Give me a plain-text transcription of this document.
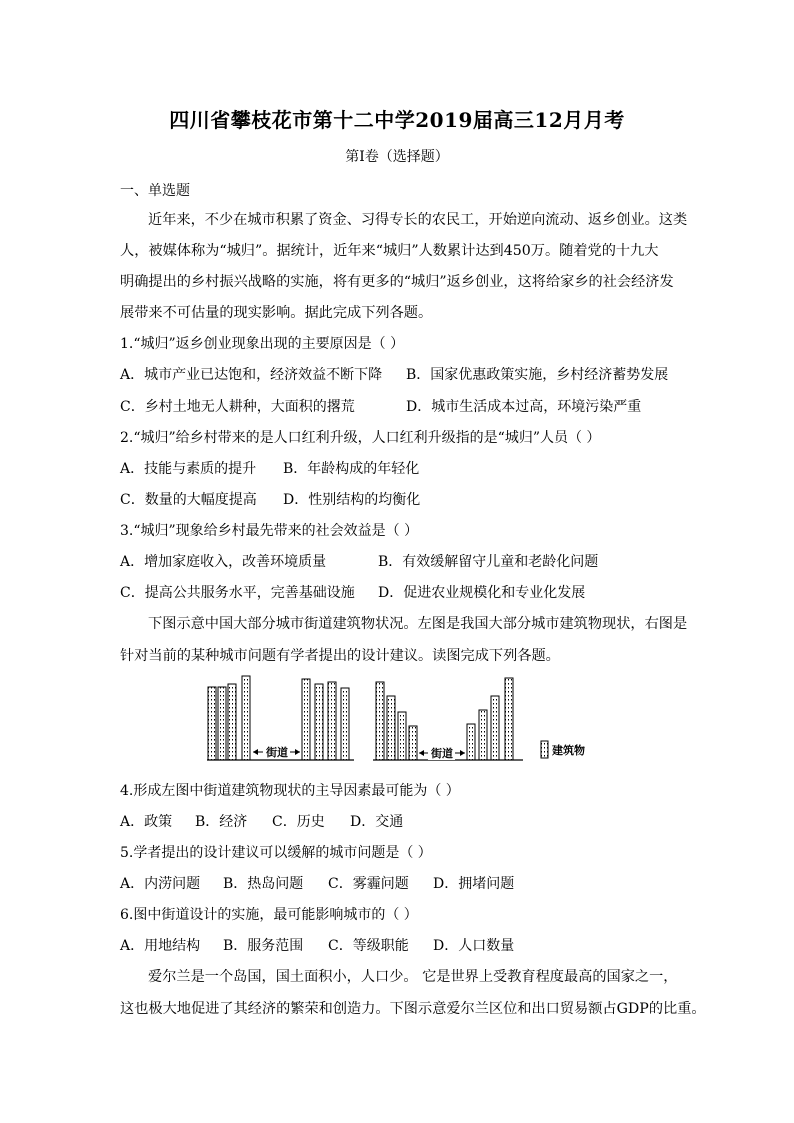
四川省攀枝花市第十二中学2019届高三12月月考
第Ⅰ卷（选择题）
一、单选题
近年来，不少在城市积累了资金、习得专长的农民工，开始逆向流动、返乡创业。这类
人，被媒体称为“城归”。据统计，近年来“城归”人数累计达到450万。随着党的十九大
明确提出的乡村振兴战略的实施，将有更多的“城归”返乡创业，这将给家乡的社会经济发
展带来不可估量的现实影响。据此完成下列各题。
1.“城归”返乡创业现象出现的主要原因是（ ）
A．城市产业已达饱和，经济效益不断下降 B．国家优惠政策实施，乡村经济蓄势发展
C．乡村土地无人耕种，大面积的撂荒	D．城市生活成本过高，环境污染严重
2.“城归”给乡村带来的是人口红利升级，人口红利升级指的是“城归”人员（ ）
A．技能与素质的提升 B．年龄构成的年轻化
C．数量的大幅度提高 D．性别结构的均衡化
3.“城归”现象给乡村最先带来的社会效益是（ ）
A．增加家庭收入，改善环境质量	B．有效缓解留守儿童和老龄化问题
C．提高公共服务水平，完善基础设施 D．促进农业规模化和专业化发展
下图示意中国大部分城市街道建筑物状况。左图是我国大部分城市建筑物现状，右图是
针对当前的某种城市问题有学者提出的设计建议。读图完成下列各题。
街道	街道	建筑物
4.形成左图中街道建筑物现状的主导因素最可能为（ ）
A．政策 B．经济 C．历史 D．交通
5.学者提出的设计建议可以缓解的城市问题是（ ）
A．内涝问题 B．热岛问题 C．雾霾问题 D．拥堵问题
6.图中街道设计的实施，最可能影响城市的（ ）
A．用地结构 B．服务范围 C．等级职能 D．人口数量
爱尔兰是一个岛国，国土面积小，人口少。 它是世界上受教育程度最高的国家之一，
这也极大地促进了其经济的繁荣和创造力。下图示意爱尔兰区位和出口贸易额占GDP的比重。
